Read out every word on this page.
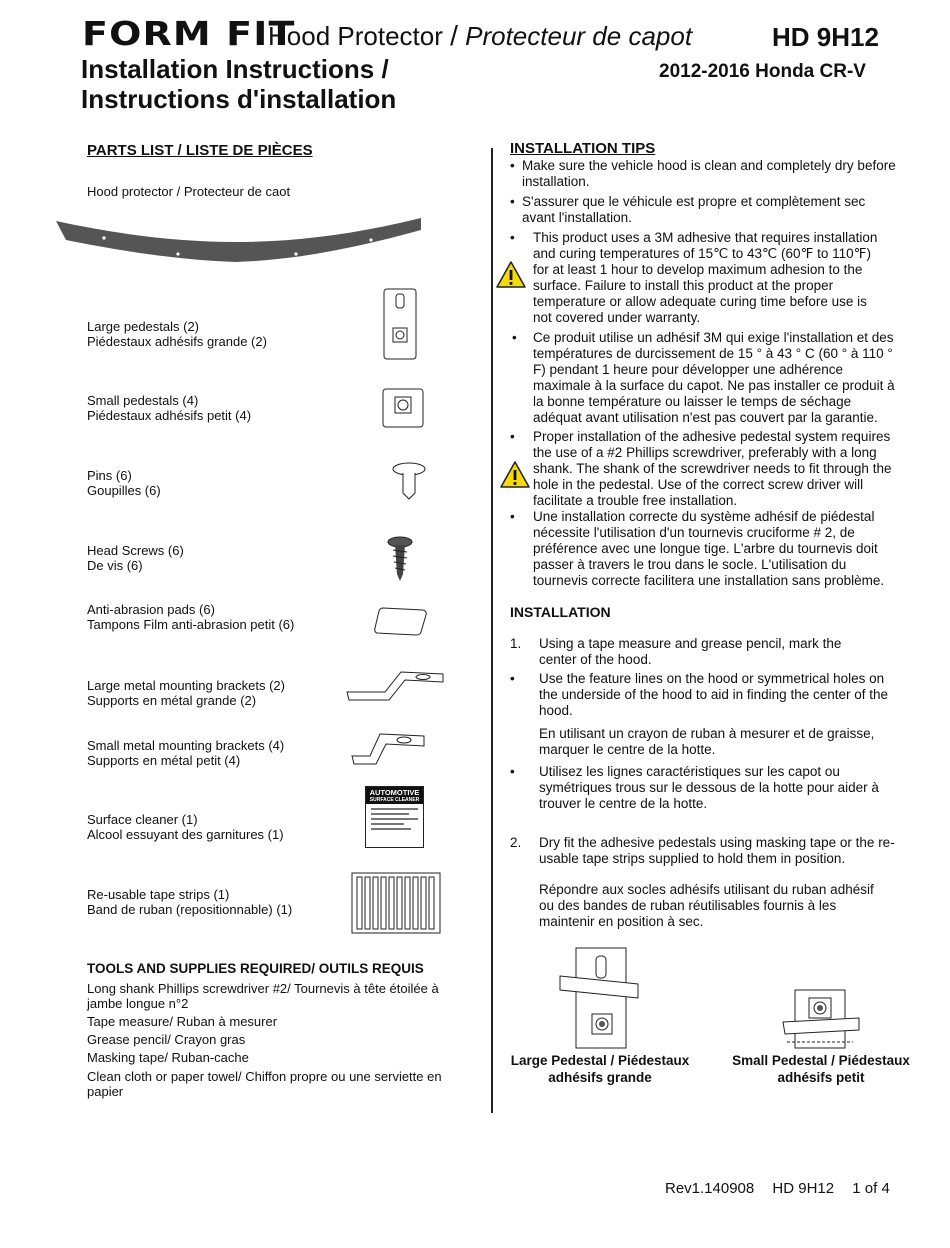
FORM FIT
Hood Protector / Protecteur de capot	HD 9H12
Installation Instructions /
Instructions d'installation
2012-2016 Honda CR-V
PARTS LIST / LISTE DE PIÈCES
Hood protector / Protecteur de caot
Large pedestals (2)
Piédestaux adhésifs grande (2)
Small pedestals (4)
Piédestaux adhésifs petit (4)
Pins (6)
Goupilles (6)
Head Screws (6)
De vis (6)
Anti-abrasion pads (6)
Tampons Film anti-abrasion petit (6)
Large metal mounting brackets (2)
Supports en métal grande (2)
Small metal mounting brackets (4)
Supports en métal petit (4)
Surface cleaner (1)
Alcool essuyant des garnitures (1)
AUTOMOTIVE
SURFACE CLEANER
Re-usable tape strips (1)
Band de ruban (repositionnable) (1)
TOOLS AND SUPPLIES REQUIRED/ OUTILS REQUIS
Long shank Phillips screwdriver #2/ Tournevis à tête étoilée à jambe longue n°2
Tape measure/ Ruban à mesurer
Grease pencil/ Crayon gras
Masking tape/ Ruban-cache
Clean cloth or paper towel/ Chiffon propre ou une serviette en papier
INSTALLATION TIPS
• Make sure the vehicle hood is clean and completely dry before installation.
• S'assurer que le véhicule est propre et complètement sec avant l'installation.
• This product uses a 3M adhesive that requires installation and curing temperatures of 15℃ to 43℃ (60℉ to 110℉) for at least 1 hour to develop maximum adhesion to the surface. Failure to install this product at the proper temperature or allow adequate curing time before use is not covered under warranty.
• Ce produit utilise un adhésif 3M qui exige l'installation et des températures de durcissement de 15 ° à 43 ° C (60 ° à 110 ° F) pendant 1 heure pour développer une adhérence maximale à la surface du capot. Ne pas installer ce produit à la bonne température ou laisser le temps de séchage adéquat avant utilisation n'est pas couvert par la garantie.
• Proper installation of the adhesive pedestal system requires the use of a #2 Phillips screwdriver, preferably with a long shank. The shank of the screwdriver needs to fit through the hole in the pedestal. Use of the correct screw driver will facilitate a trouble free installation.
• Une installation correcte du système adhésif de piédestal nécessite l'utilisation d'un tournevis cruciforme # 2, de préférence avec une longue tige. L'arbre du tournevis doit passer à travers le trou dans le socle. L'utilisation du tournevis correcte facilitera une installation sans problème.
INSTALLATION
1. Using a tape measure and grease pencil, mark the center of the hood.
• Use the feature lines on the hood or symmetrical holes on the underside of the hood to aid in finding the center of the hood.
En utilisant un crayon de ruban à mesurer et de graisse, marquer le centre de la hotte.
• Utilisez les lignes caractéristiques sur les capot ou symétriques trous sur le dessous de la hotte pour aider à trouver le centre de la hotte.
2. Dry fit the adhesive pedestals using masking tape or the re-usable tape strips supplied to hold them in position.
Répondre aux socles adhésifs utilisant du ruban adhésif ou des bandes de ruban réutilisables fournis à les maintenir en position à sec.
Large Pedestal / Piédestaux adhésifs grande
Small Pedestal / Piédestaux adhésifs petit
Rev1.140908 HD 9H12 1 of 4
